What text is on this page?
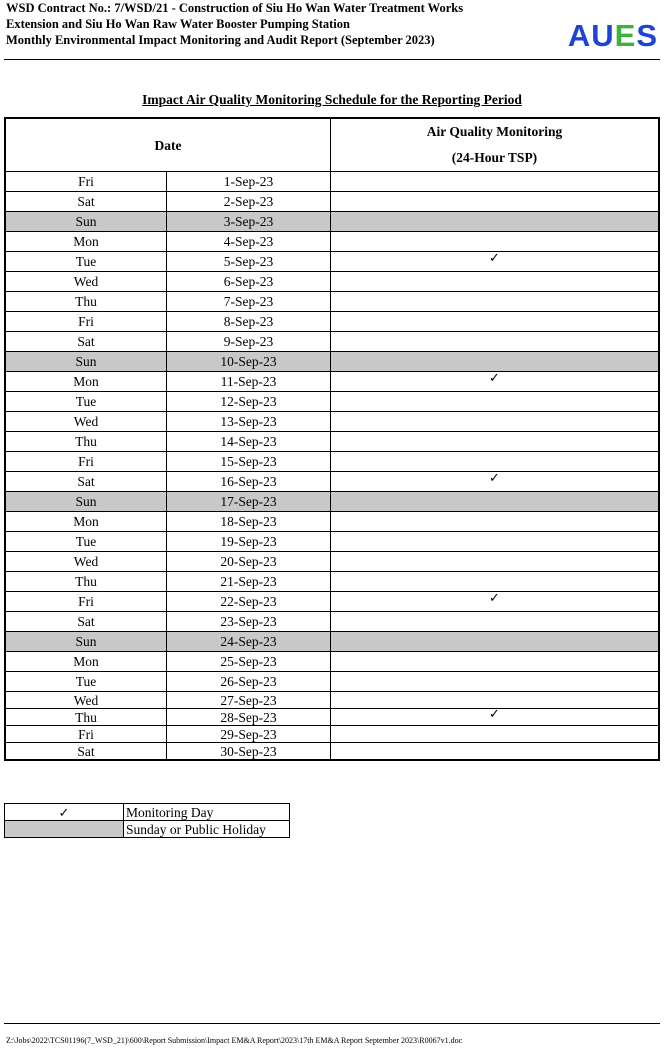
WSD Contract No.: 7/WSD/21 - Construction of Siu Ho Wan Water Treatment Works
Extension and Siu Ho Wan Raw Water Booster Pumping Station
Monthly Environmental Impact Monitoring and Audit Report (September 2023)	AUES
Impact Air Quality Monitoring Schedule for the Reporting Period
Date		Air Quality Monitoring
(24-Hour TSP)

Fri	1-Sep-23	
Sat	2-Sep-23	
Sun	3-Sep-23	
Mon	4-Sep-23	
Tue	5-Sep-23	✓
Wed	6-Sep-23	
Thu	7-Sep-23	
Fri	8-Sep-23	
Sat	9-Sep-23	
Sun	10-Sep-23	
Mon	11-Sep-23	✓
Tue	12-Sep-23	
Wed	13-Sep-23	
Thu	14-Sep-23	
Fri	15-Sep-23	
Sat	16-Sep-23	✓
Sun	17-Sep-23	
Mon	18-Sep-23	
Tue	19-Sep-23	
Wed	20-Sep-23	
Thu	21-Sep-23	
Fri	22-Sep-23	✓
Sat	23-Sep-23	
Sun	24-Sep-23	
Mon	25-Sep-23	
Tue	26-Sep-23	
Wed	27-Sep-23	
Thu	28-Sep-23	✓
Fri	29-Sep-23	
Sat	30-Sep-23	
✓	Monitoring Day
	Sunday or Public Holiday
Z:\Jobs\2022\TCS01196(7_WSD_21)\600\Report Submission\Impact EM&A Report\2023\17th EM&A Report September 2023\R0067v1.doc
